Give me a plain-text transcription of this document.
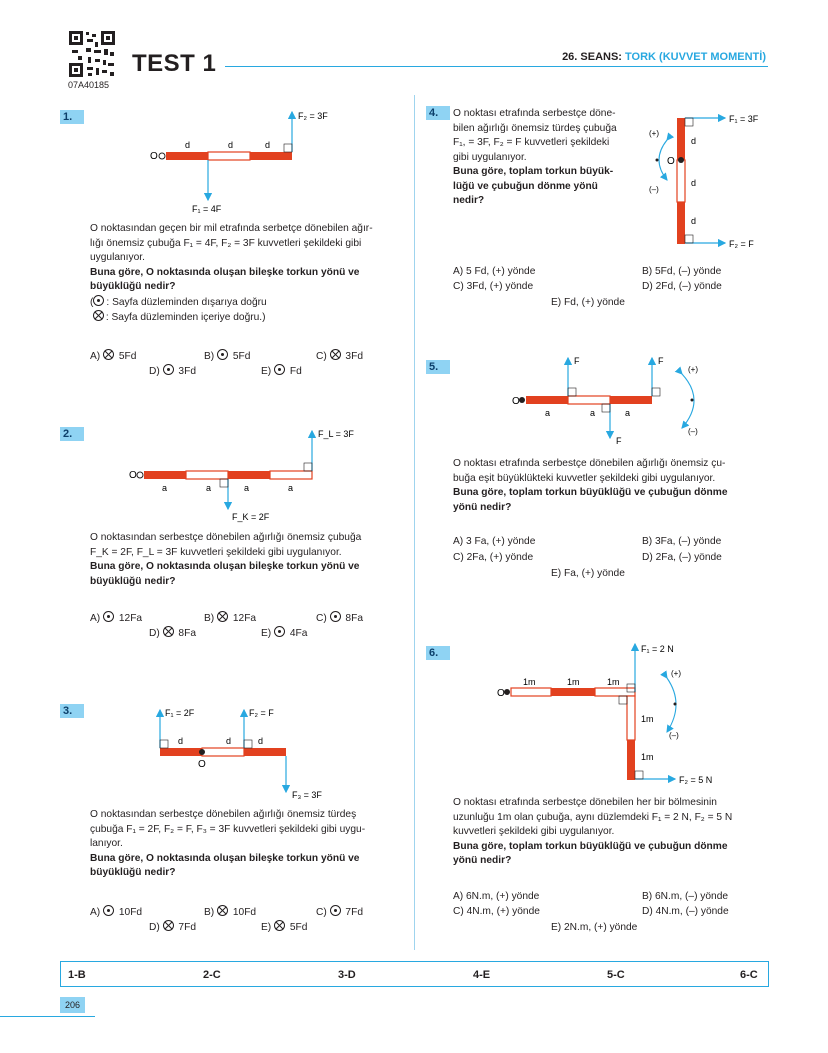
07A40185
TEST 1	26. SEANS: TORK (KUVVET MOMENTİ)
1.
O
d	d	d
F₂ = 3F
F₁ = 4F
O noktasından geçen bir mil etrafında serbetçe dönebilen ağır-
lığı önemsiz çubuğa F₁ = 4F, F₂ = 3F kuvvetleri şekildeki gibi
uygulanıyor.
Buna göre, O noktasında oluşan bileşke torkun yönü ve
büyüklüğü nedir?
( : Sayfa düzleminden dışarıya doğru
: Sayfa düzleminden içeriye doğru.)
A)  5Fd	B)  5Fd	C)  3Fd
D)  3Fd	E)  Fd
2.
O
a	a	a	a
F_L = 3F
F_K = 2F
O noktasından serbestçe dönebilen ağırlığı önemsiz çubuğa
F_K = 2F, F_L = 3F kuvvetleri şekildeki gibi uygulanıyor.
Buna göre, O noktasında oluşan bileşke torkun yönü ve
büyüklüğü nedir?
A)  12Fa	B)  12Fa	C)  8Fa
D)  8Fa	E)  4Fa
3.
O
d	d	d
F₁ = 2F	F₂ = F
F₃ = 3F
O noktasından serbestçe dönebilen ağırlığı önemsiz türdeş
çubuğa F₁ = 2F, F₂ = F, F₃ = 3F kuvvetleri şekildeki gibi uygu-
lanıyor.
Buna göre, O noktasında oluşan bileşke torkun yönü ve
büyüklüğü nedir?
A)  10Fd	B)  10Fd	C)  7Fd
D)  7Fd	E)  5Fd
4.	O noktası etrafında serbestçe döne-
bilen ağırlığı önemsiz türdeş çubuğa
F₁, = 3F, F₂ = F kuvvetleri şekildeki
gibi uygulanıyor.
Buna göre, toplam torkun büyük-
lüğü ve çubuğun dönme yönü
nedir?
O
d
d
d
F₁ = 3F
F₂ = F
(+)
(–)
A) 5 Fd, (+) yönde	B) 5Fd, (–) yönde
C) 3Fd, (+) yönde	D) 2Fd, (–) yönde
E) Fd, (+) yönde
5.
O
a	a	a
F	F
F
(+)
(–)
O noktası etrafında serbestçe dönebilen ağırlığı önemsiz çu-
buğa eşit büyüklükteki kuvvetler şekildeki gibi uygulanıyor.
Buna göre, toplam torkun büyüklüğü ve çubuğun dönme
yönü nedir?
A) 3 Fa, (+) yönde	B) 3Fa, (–) yönde
C) 2Fa, (+) yönde	D) 2Fa, (–) yönde
E) Fa, (+) yönde
6.
O
1m	1m	1m
1m
1m
F₁ = 2 N
F₂ = 5 N
(+)
(–)
O noktası etrafında serbestçe dönebilen her bir bölmesinin
uzunluğu 1m olan çubuğa, aynı düzlemdeki F₁ = 2 N, F₂ = 5 N
kuvvetleri şekildeki gibi uygulanıyor.
Buna göre, toplam torkun büyüklüğü ve çubuğun dönme
yönü nedir?
A) 6N.m, (+) yönde	B) 6N.m, (–) yönde
C) 4N.m, (+) yönde	D) 4N.m, (–) yönde
E) 2N.m, (+) yönde
1-B	2-C	3-D	4-E	5-C	6-C
206
